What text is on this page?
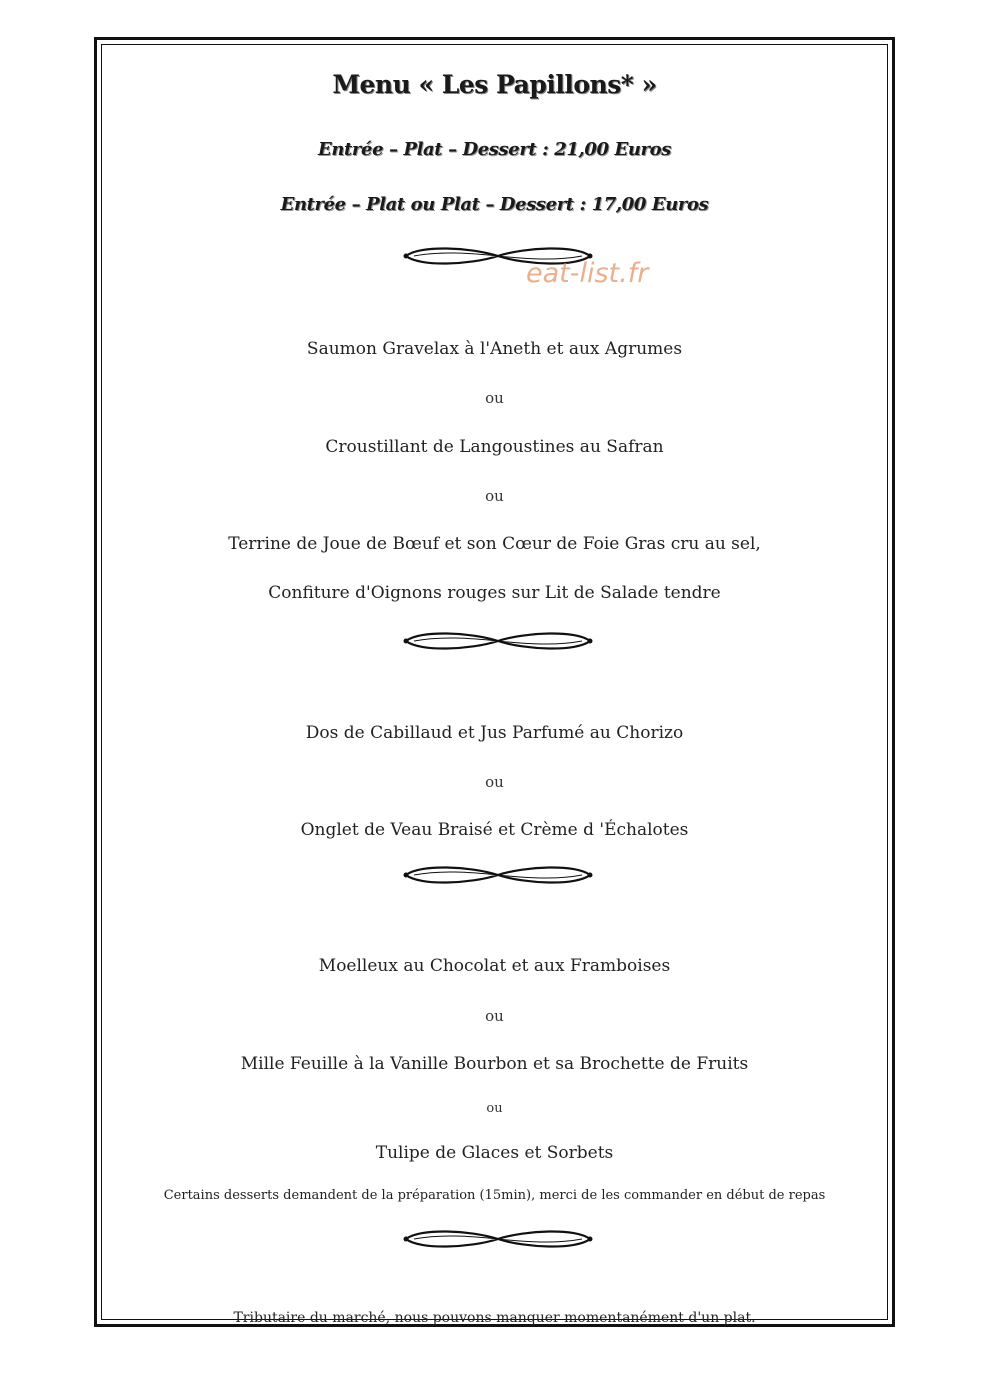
Menu « Les Papillons* »
Entrée – Plat – Dessert : 21,00 Euros
Entrée – Plat ou Plat – Dessert : 17,00 Euros
eat-list.fr
Saumon Gravelax à l'Aneth et aux Agrumes
ou
Croustillant de Langoustines au Safran
ou
Terrine de Joue de Bœuf et son Cœur de Foie Gras cru au sel,
Confiture d'Oignons rouges sur Lit de Salade tendre
Dos de Cabillaud et Jus Parfumé au Chorizo
ou
Onglet de Veau Braisé et Crème d 'Échalotes
Moelleux au Chocolat et aux Framboises
ou
Mille Feuille à la Vanille Bourbon et sa Brochette de Fruits
ou
Tulipe de Glaces et Sorbets
Certains desserts demandent de la préparation (15min), merci de les commander en début de repas
Tributaire du marché, nous pouvons manquer momentanément d'un plat.
